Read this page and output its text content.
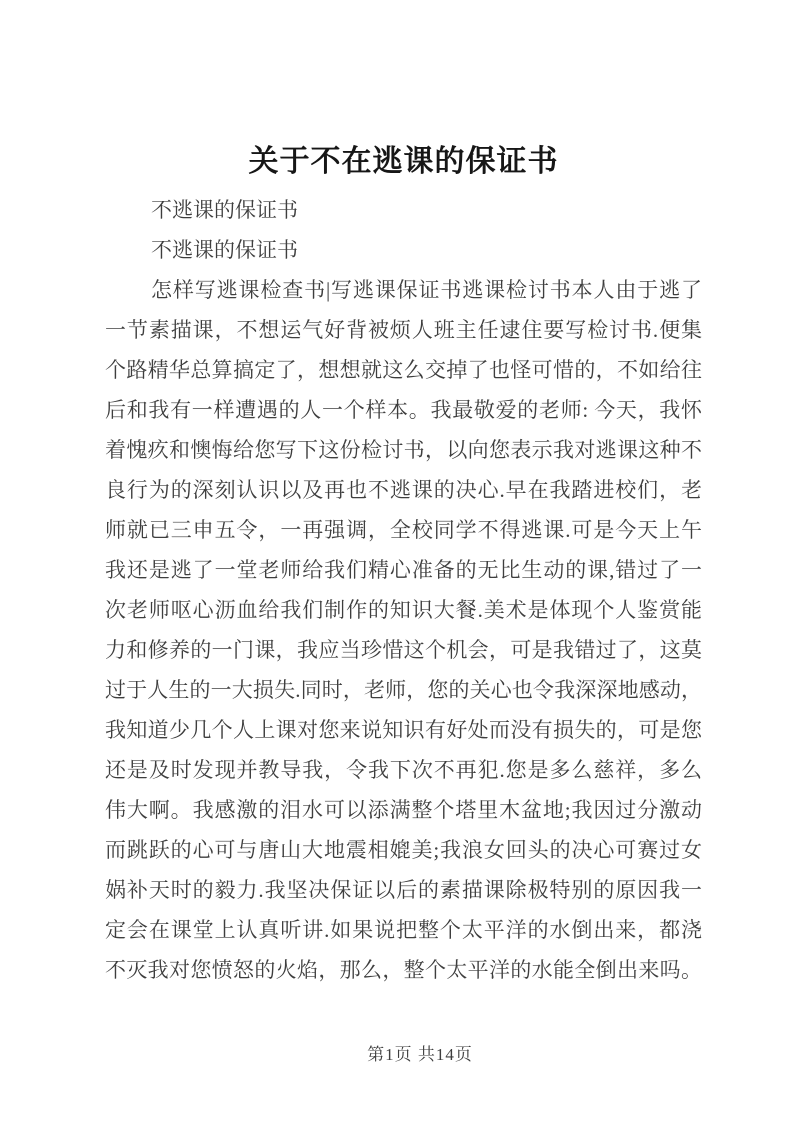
关于不在逃课的保证书
不逃课的保证书
不逃课的保证书
怎样写逃课检查书|写逃课保证书逃课检讨书本人由于逃了
一节素描课，不想运气好背被烦人班主任逮住要写检讨书.便集
个路精华总算搞定了，想想就这么交掉了也怪可惜的，不如给往
后和我有一样遭遇的人一个样本。我最敬爱的老师: 今天，我怀
着愧疚和懊悔给您写下这份检讨书，以向您表示我对逃课这种不
良行为的深刻认识以及再也不逃课的决心.早在我踏进校们，老
师就已三申五令，一再强调，全校同学不得逃课.可是今天上午
我还是逃了一堂老师给我们精心准备的无比生动的课,错过了一
次老师呕心沥血给我们制作的知识大餐.美术是体现个人鉴赏能
力和修养的一门课，我应当珍惜这个机会，可是我错过了，这莫
过于人生的一大损失.同时，老师，您的关心也令我深深地感动，
我知道少几个人上课对您来说知识有好处而没有损失的，可是您
还是及时发现并教导我，令我下次不再犯.您是多么慈祥，多么
伟大啊。我感激的泪水可以添满整个塔里木盆地;我因过分激动
而跳跃的心可与唐山大地震相媲美;我浪女回头的决心可赛过女
娲补天时的毅力.我坚决保证以后的素描课除极特别的原因我一
定会在课堂上认真听讲.如果说把整个太平洋的水倒出来，都浇
不灭我对您愤怒的火焰，那么，整个太平洋的水能全倒出来吗。
第1页 共14页
